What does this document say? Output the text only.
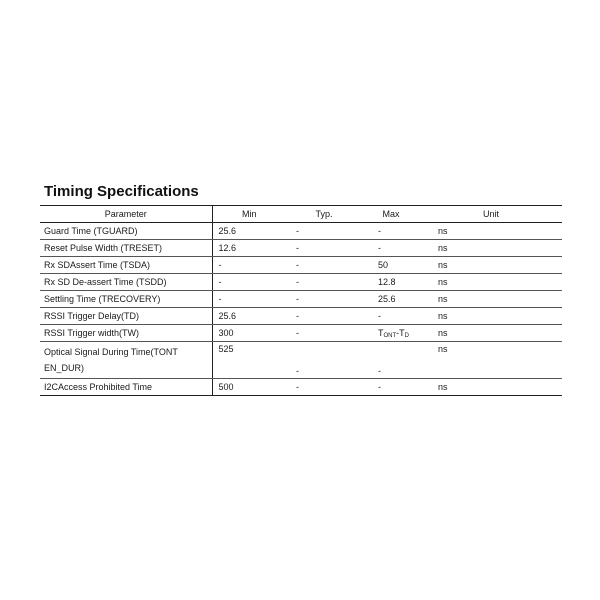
Timing Specifications
Parameter	Min	Typ.	Max	Unit
Guard Time (TGUARD)	25.6	-	-	ns
Reset Pulse Width (TRESET)	12.6	-	-	ns
Rx SDAssert Time (TSDA)	-	-	50	ns
Rx SD De-assert Time (TSDD)	-	-	12.8	ns
Settling Time (TRECOVERY)	-	-	25.6	ns
RSSI Trigger Delay(TD)	25.6	-	-	ns
RSSI Trigger width(TW)	300	-	TONT-TD	ns

Optical Signal During Time(TONT
EN_DUR)	525	-	-	ns
I2CAccess Prohibited Time	500	-	-	ns
